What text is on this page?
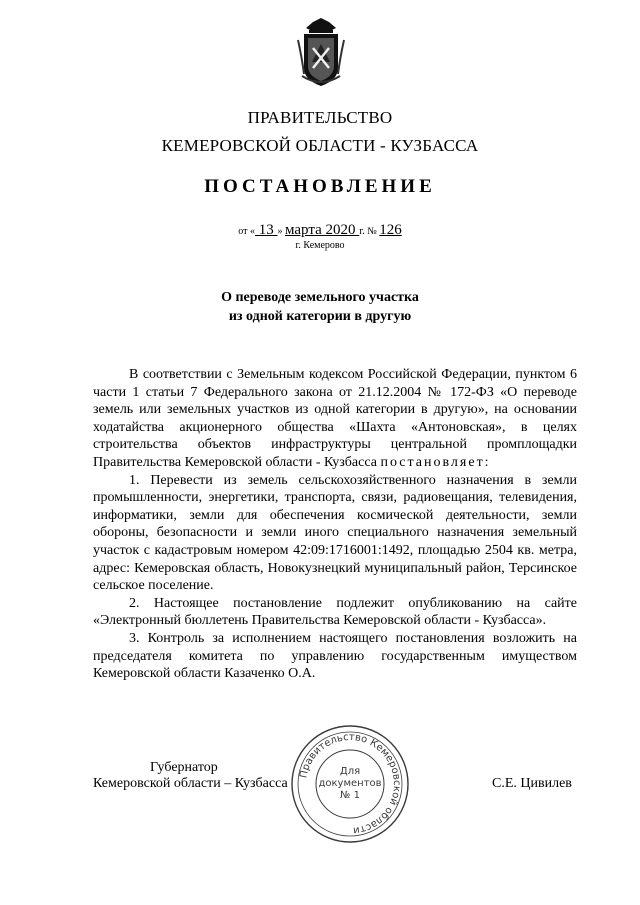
ПРАВИТЕЛЬСТВО
КЕМЕРОВСКОЙ ОБЛАСТИ - КУЗБАССА
ПОСТАНОВЛЕНИЕ
от « 13 » марта 2020 г. № 126
г. Кемерово
О переводе земельного участка
из одной категории в другую

В соответствии с Земельным кодексом Российской Федерации, пунктом 6 части 1 статьи 7 Федерального закона от 21.12.2004 № 172-ФЗ «О переводе земель или земельных участков из одной категории в другую», на основании ходатайства акционерного общества «Шахта «Антоновская», в целях строительства объектов инфраструктуры центральной промплощадки Правительства Кемеровской области - Кузбасса постановляет:

1. Перевести из земель сельскохозяйственного назначения в земли промышленности, энергетики, транспорта, связи, радиовещания, телевидения, информатики, земли для обеспечения космической деятельности, земли обороны, безопасности и земли иного специального назначения земельный участок с кадастровым номером 42:09:1716001:1492, площадью 2504 кв. метра, адрес: Кемеровская область, Новокузнецкий муниципальный район, Терсинское сельское поселение.

2. Настоящее постановление подлежит опубликованию на сайте «Электронный бюллетень Правительства Кемеровской области - Кузбасса».

3. Контроль за исполнением настоящего постановления возложить на председателя комитета по управлению государственным имуществом Кемеровской области Казаченко О.А.

Губернатор
Кемеровской области – Кузбасса	С.Е. Цивилев
Правительство Кемеровской области
Для
документов
№ 1
